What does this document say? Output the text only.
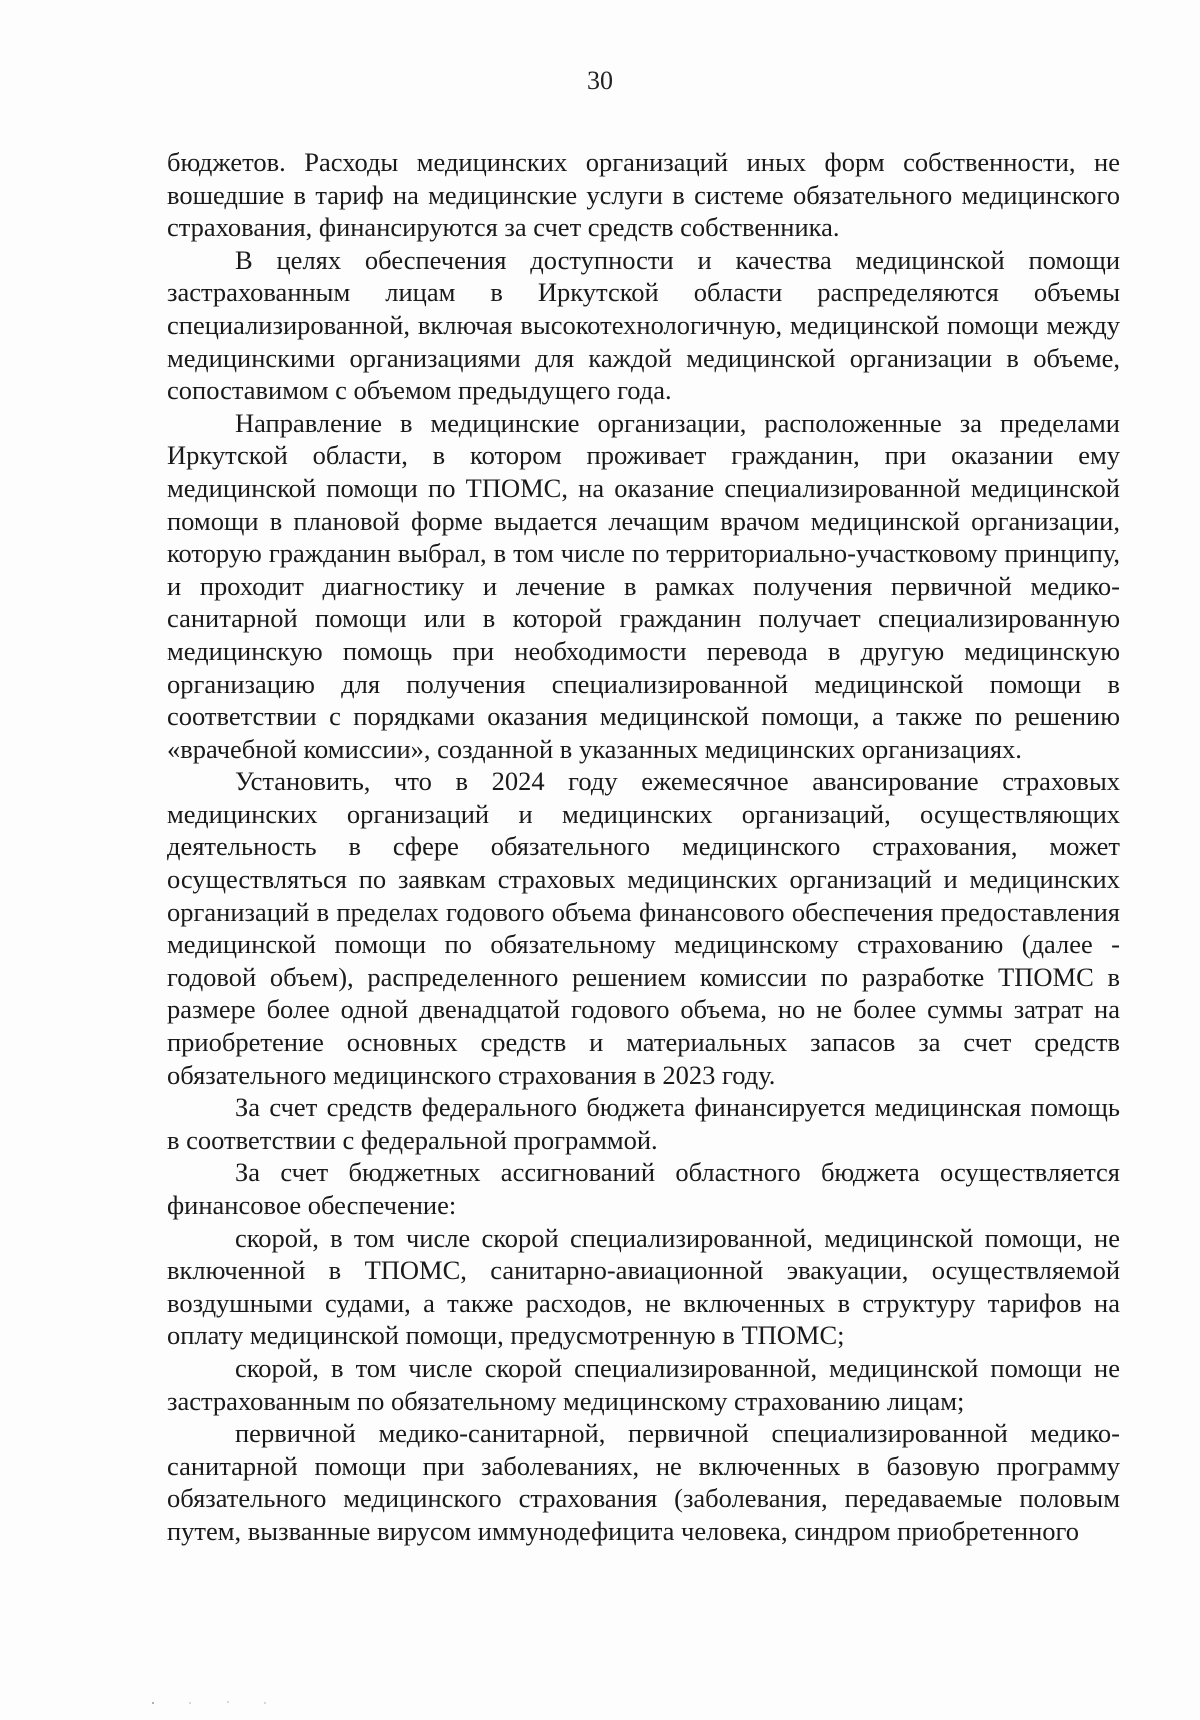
30

бюджетов. Расходы медицинских организаций иных форм собственности, не вошедшие в тариф на медицинские услуги в системе обязательного медицинского страхования, финансируются за счет средств собственника.

В целях обеспечения доступности и качества медицинской помощи застрахованным лицам в Иркутской области распределяются объемы специализированной, включая высокотехнологичную, медицинской помощи между медицинскими организациями для каждой медицинской организации в объеме, сопоставимом с объемом предыдущего года.

Направление в медицинские организации, расположенные за пределами Иркутской области, в котором проживает гражданин, при оказании ему медицинской помощи по ТПОМС, на оказание специализированной медицинской помощи в плановой форме выдается лечащим врачом медицинской организации, которую гражданин выбрал, в том числе по территориально-участковому принципу, и проходит диагностику и лечение в рамках получения первичной медико-санитарной помощи или в которой гражданин получает специализированную медицинскую помощь при необходимости перевода в другую медицинскую организацию для получения специализированной медицинской помощи в соответствии с порядками оказания медицинской помощи, а также по решению «врачебной комиссии», созданной в указанных медицинских организациях.

Установить, что в 2024 году ежемесячное авансирование страховых медицинских организаций и медицинских организаций, осуществляющих деятельность в сфере обязательного медицинского страхования, может осуществляться по заявкам страховых медицинских организаций и медицинских организаций в пределах годового объема финансового обеспечения предоставления медицинской помощи по обязательному медицинскому страхованию (далее - годовой объем), распределенного решением комиссии по разработке ТПОМС в размере более одной двенадцатой годового объема, но не более суммы затрат на приобретение основных средств и материальных запасов за счет средств обязательного медицинского страхования в 2023 году.

За счет средств федерального бюджета финансируется медицинская помощь в соответствии с федеральной программой.

За счет бюджетных ассигнований областного бюджета осуществляется финансовое обеспечение:

скорой, в том числе скорой специализированной, медицинской помощи, не включенной в ТПОМС, санитарно-авиационной эвакуации, осуществляемой воздушными судами, а также расходов, не включенных в структуру тарифов на оплату медицинской помощи, предусмотренную в ТПОМС;

скорой, в том числе скорой специализированной, медицинской помощи не застрахованным по обязательному медицинскому страхованию лицам;

первичной медико-санитарной, первичной специализированной медико-санитарной помощи при заболеваниях, не включенных в базовую программу обязательного медицинского страхования (заболевания, передаваемые половым путем, вызванные вирусом иммунодефицита человека, синдром приобретенного
